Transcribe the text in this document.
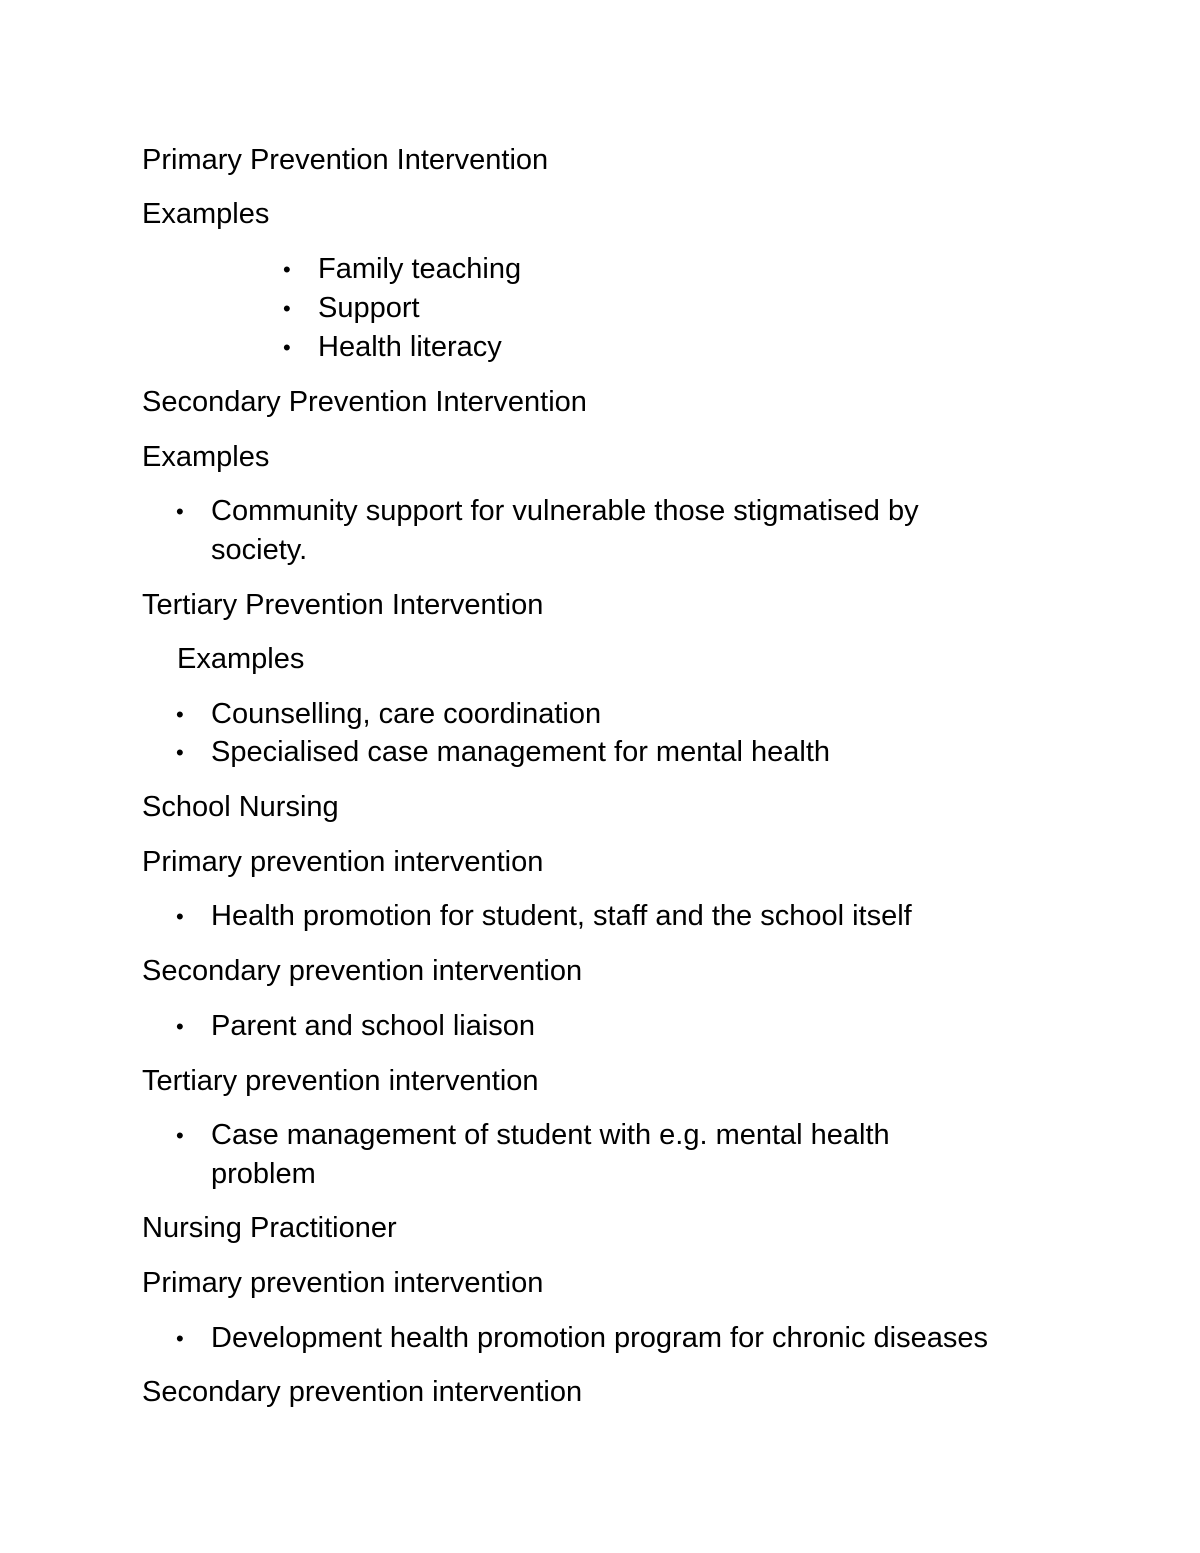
Primary Prevention Intervention
Examples
• Family teaching
• Support
• Health literacy
Secondary Prevention Intervention
Examples
• Community support for vulnerable those stigmatised by
society.
Tertiary Prevention Intervention
Examples
• Counselling, care coordination
• Specialised case management for mental health
School Nursing
Primary prevention intervention
• Health promotion for student, staff and the school itself
Secondary prevention intervention
• Parent and school liaison
Tertiary prevention intervention
• Case management of student with e.g. mental health
problem
Nursing Practitioner
Primary prevention intervention
• Development health promotion program for chronic diseases
Secondary prevention intervention
